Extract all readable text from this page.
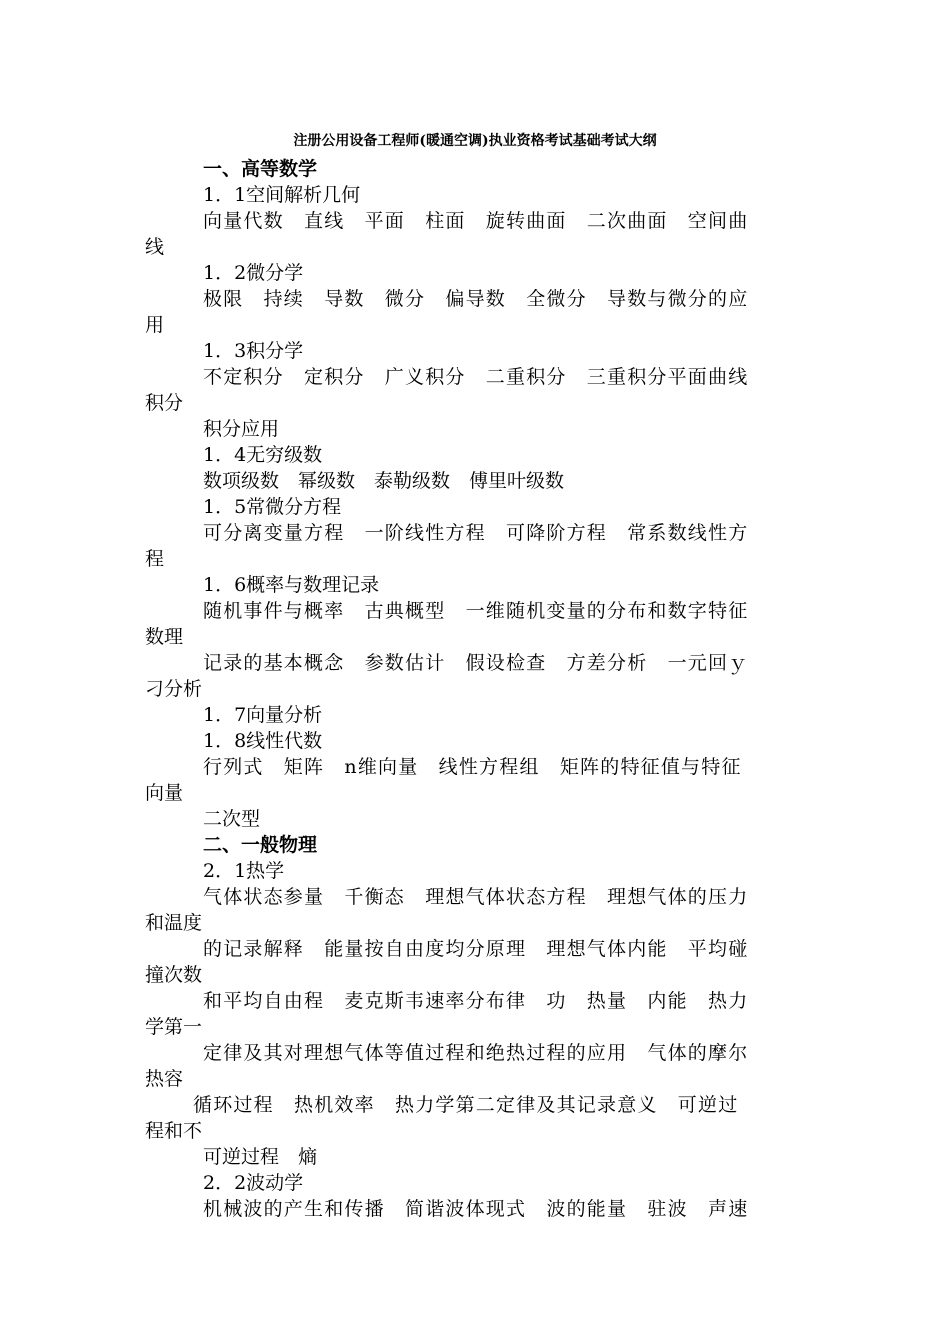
注册公用设备工程师(暖通空调)执业资格考试基础考试大纲
一、高等数学
1．1空间解析几何
向量代数　直线　平面　柱面　旋转曲面　二次曲面　空间曲
线
1．2微分学
极限　持续　导数　微分　偏导数　全微分　导数与微分的应
用
1．3积分学
不定积分　定积分　广义积分　二重积分　三重积分平面曲线
积分
积分应用
1．4无穷级数
数项级数　幂级数　泰勒级数　傅里叶级数
1．5常微分方程
可分离变量方程　一阶线性方程　可降阶方程　常系数线性方
程
1．6概率与数理记录
随机事件与概率　古典概型　一维随机变量的分布和数字特征
数理
记录的基本概念　参数估计　假设检查　方差分析　一元回ｙ
刁分析
1．7向量分析
1．8线性代数
行列式　矩阵　n维向量　线性方程组　矩阵的特征值与特征
向量
二次型
二、一般物理
2．1热学
气体状态参量　千衡态　理想气体状态方程　理想气体的压力
和温度
的记录解释　能量按自由度均分原理　理想气体内能　平均碰
撞次数
和平均自由程　麦克斯韦速率分布律　功　热量　内能　热力
学第一
定律及其对理想气体等值过程和绝热过程的应用　气体的摩尔
热容
循环过程　热机效率　热力学第二定律及其记录意义　可逆过
程和不
可逆过程　熵
2．2波动学
机械波的产生和传播　简谐波体现式　波的能量　驻波　声速
